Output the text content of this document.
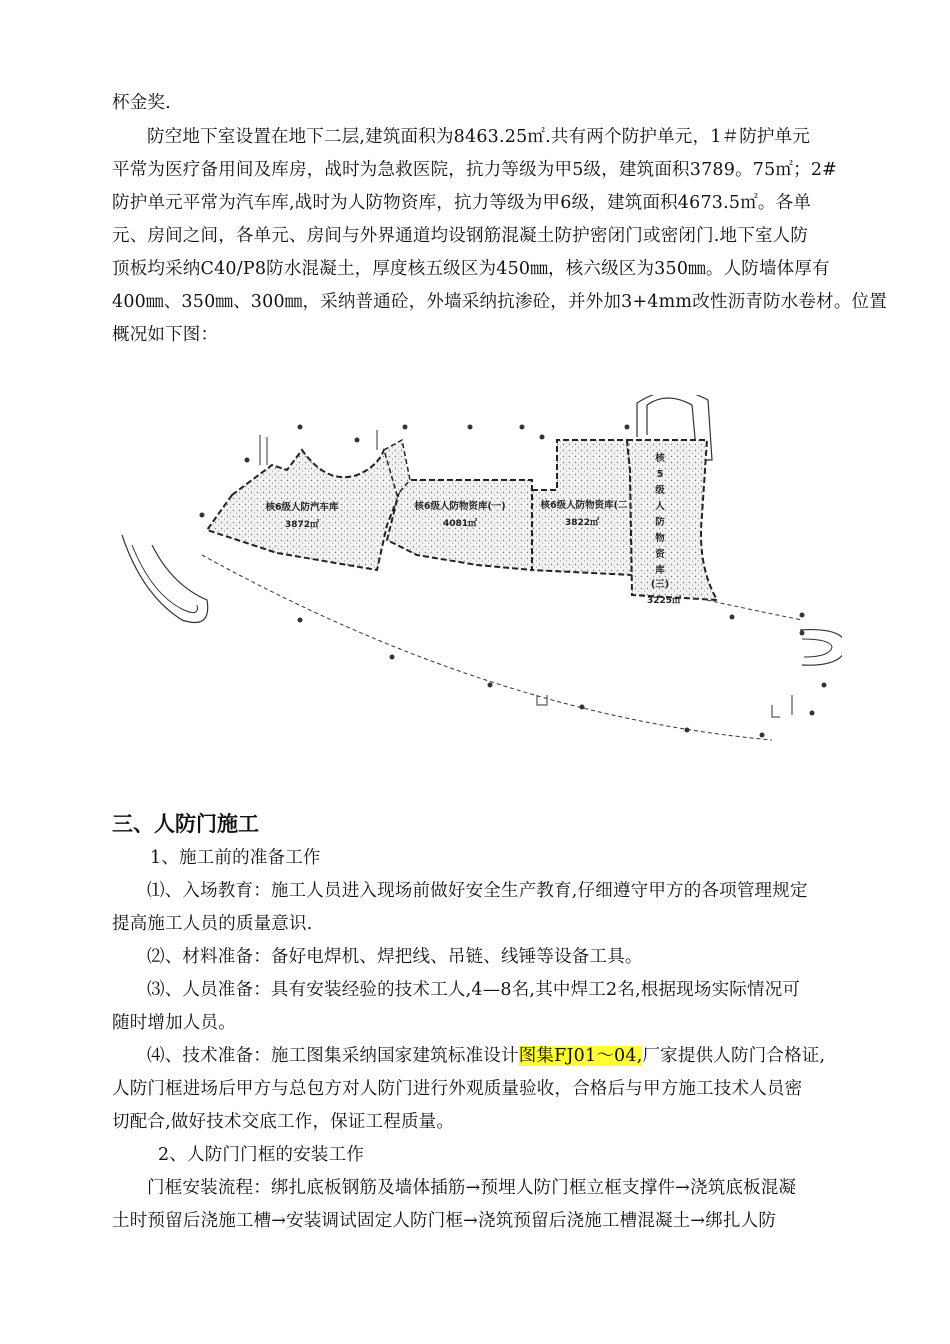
杯金奖.
防空地下室设置在地下二层,建筑面积为8463.25㎡.共有两个防护单元，1＃防护单元
平常为医疗备用间及库房，战时为急救医院，抗力等级为甲5级，建筑面积3789。75㎡；2#
防护单元平常为汽车库,战时为人防物资库，抗力等级为甲6级，建筑面积4673.5㎡。各单
元、房间之间，各单元、房间与外界通道均设钢筋混凝土防护密闭门或密闭门.地下室人防
顶板均采纳C40/P8防水混凝土，厚度核五级区为450㎜，核六级区为350㎜。人防墙体厚有
400㎜、350㎜、300㎜，采纳普通砼，外墙采纳抗渗砼，并外加3+4mm改性沥青防水卷材。位置
概况如下图：
核6级人防汽车库
3872㎡
核6级人防物资库(一)
4081㎡
核6级人防物资库(二
3822㎡
核
5
级
人
防
物
资
库
(三)
3225㎡
三、人防门施工
1、施工前的准备工作
⑴、入场教育：施工人员进入现场前做好安全生产教育,仔细遵守甲方的各项管理规定
提高施工人员的质量意识.
⑵、材料准备：备好电焊机、焊把线、吊链、线锤等设备工具。
⑶、人员准备：具有安装经验的技术工人,4—8名,其中焊工2名,根据现场实际情况可
随时增加人员。
⑷、技术准备：施工图集采纳国家建筑标准设计图集FJ01～04,厂家提供人防门合格证,
人防门框进场后甲方与总包方对人防门进行外观质量验收，合格后与甲方施工技术人员密
切配合,做好技术交底工作，保证工程质量。
2、人防门门框的安装工作
门框安装流程：绑扎底板钢筋及墙体插筋→预埋人防门框立框支撑件→浇筑底板混凝
土时预留后浇施工槽→安装调试固定人防门框→浇筑预留后浇施工槽混凝土→绑扎人防
